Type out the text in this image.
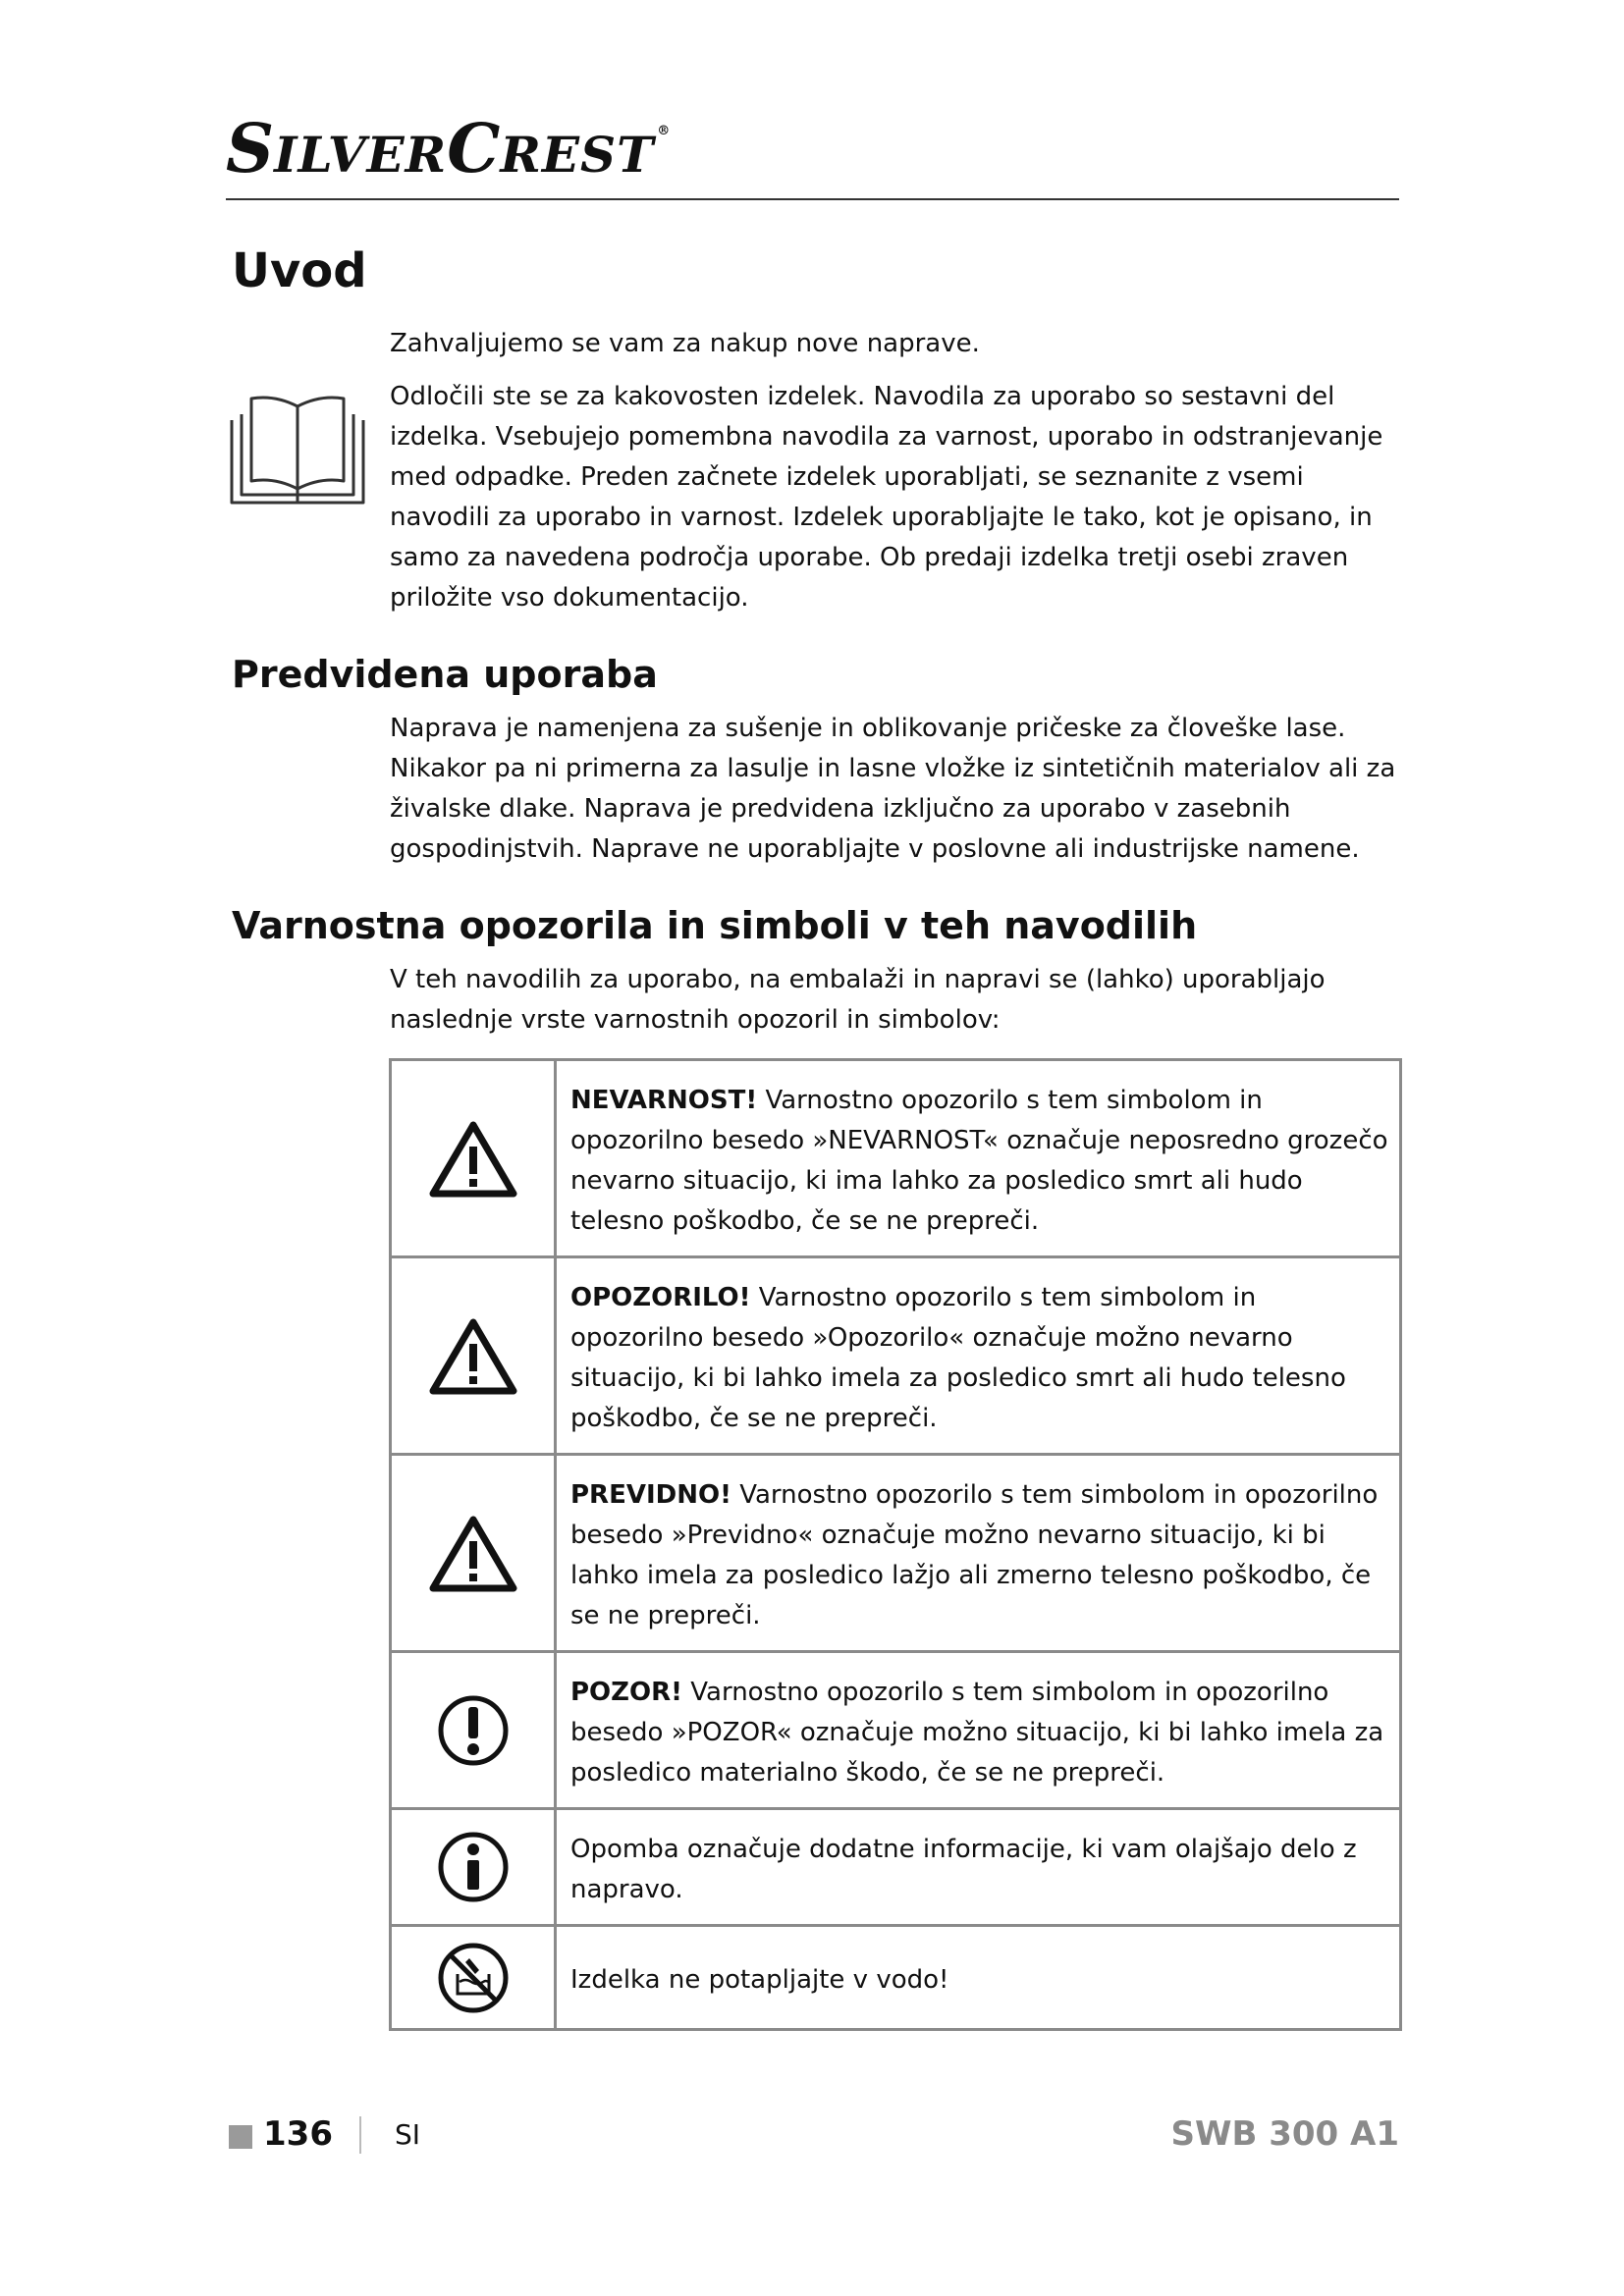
S ILVER C REST ®
Uvod

Zahvaljujemo se vam za nakup nove naprave.

Odločili ste se za kakovosten izdelek. Navodila za uporabo so sestavni del izdelka. Vsebujejo pomembna navodila za varnost, uporabo in odstranjevanje med odpadke. Preden začnete izdelek uporabljati, se seznanite z vsemi navodili za uporabo in varnost. Izdelek uporabljajte le tako, kot je opisano, in samo za navedena področja uporabe. Ob predaji izdelka tretji osebi zraven priložite vso dokumentacijo.

Predvidena uporaba

Naprava je namenjena za sušenje in oblikovanje pričeske za človeške lase. Nikakor pa ni primerna za lasulje in lasne vložke iz sintetičnih materialov ali za živalske dlake. Naprava je predvidena izključno za uporabo v zasebnih gospodinjstvih. Naprave ne uporabljajte v poslovne ali industrijske namene.

Varnostna opozorila in simboli v teh navodilih

V teh navodilih za uporabo, na embalaži in napravi se (lahko) uporabljajo naslednje vrste varnostnih opozoril in simbolov:

	NEVARNOST! Varnostno opozorilo s tem simbolom in opozorilno besedo »NEVARNOST« označuje neposredno grozečo nevarno situacijo, ki ima lahko za posledico smrt ali hudo telesno poškodbo, če se ne prepreči.

	OPOZORILO! Varnostno opozorilo s tem simbolom in opozorilno besedo »Opozorilo« označuje možno nevarno situacijo, ki bi lahko imela za posledico smrt ali hudo telesno poškodbo, če se ne prepreči.

	PREVIDNO! Varnostno opozorilo s tem simbolom in opozorilno besedo »Previdno« označuje možno nevarno situacijo, ki bi lahko imela za posledico lažjo ali zmerno telesno poškodbo, če se ne prepreči.

	POZOR! Varnostno opozorilo s tem simbolom in opozorilno besedo »POZOR« označuje možno situacijo, ki bi lahko imela za posledico materialno škodo, če se ne prepreči.

	Opomba označuje dodatne informacije, ki vam olajšajo delo z napravo.

	Izdelka ne potapljajte v vodo!
136 SI	SWB 300 A1
